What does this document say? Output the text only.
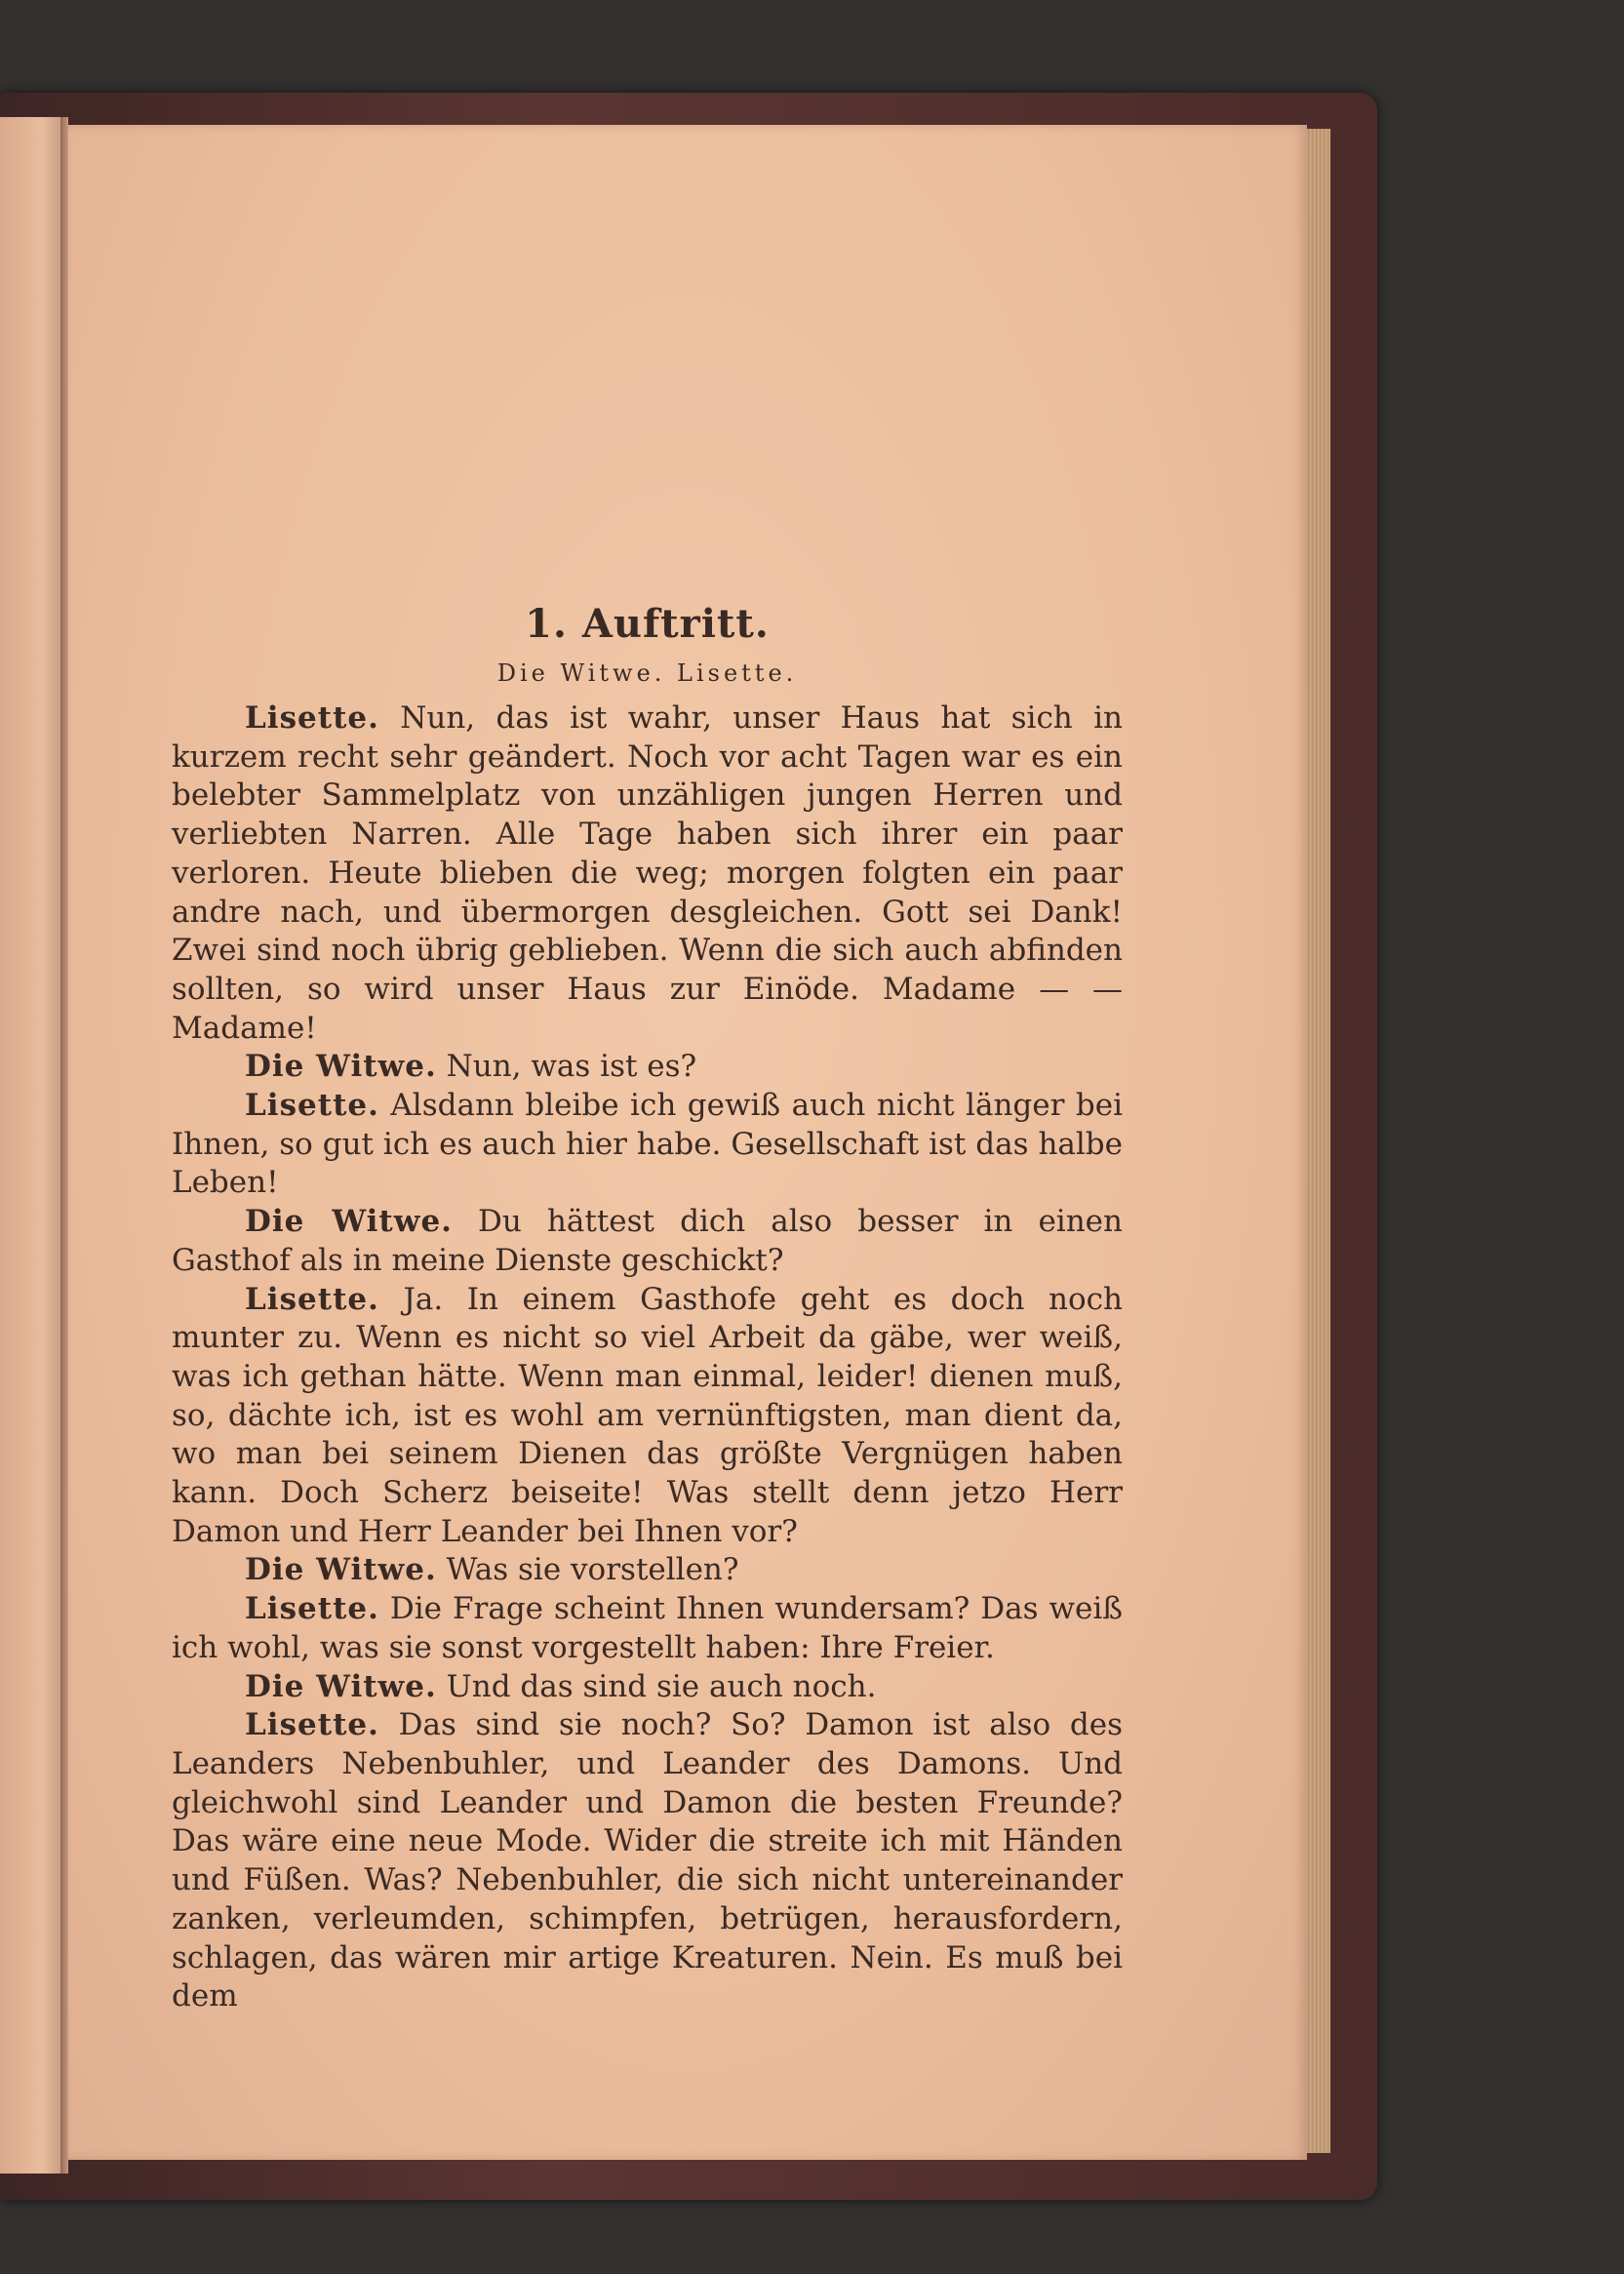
1. Auftritt.
Die Witwe. Lisette.

Lisette. Nun, das ist wahr, unser Haus hat sich in kurzem recht sehr geändert. Noch vor acht Tagen war es ein belebter Sammelplatz von unzähligen jungen Herren und verliebten Narren. Alle Tage haben sich ihrer ein paar verloren. Heute blieben die weg; morgen folgten ein paar andre nach, und übermorgen desgleichen. Gott sei Dank! Zwei sind noch übrig geblieben. Wenn die sich auch abfinden sollten, so wird unser Haus zur Einöde. Madame — — Madame!

Die Witwe. Nun, was ist es?

Lisette. Alsdann bleibe ich gewiß auch nicht länger bei Ihnen, so gut ich es auch hier habe. Gesellschaft ist das halbe Leben!

Die Witwe. Du hättest dich also besser in einen Gasthof als in meine Dienste geschickt?

Lisette. Ja. In einem Gasthofe geht es doch noch munter zu. Wenn es nicht so viel Arbeit da gäbe, wer weiß, was ich gethan hätte. Wenn man einmal, leider! dienen muß, so, dächte ich, ist es wohl am vernünftigsten, man dient da, wo man bei seinem Dienen das größte Vergnügen haben kann. Doch Scherz beiseite! Was stellt denn jetzo Herr Damon und Herr Leander bei Ihnen vor?

Die Witwe. Was sie vorstellen?

Lisette. Die Frage scheint Ihnen wundersam? Das weiß ich wohl, was sie sonst vorgestellt haben: Ihre Freier.

Die Witwe. Und das sind sie auch noch.

Lisette. Das sind sie noch? So? Damon ist also des Leanders Nebenbuhler, und Leander des Damons. Und gleichwohl sind Leander und Damon die besten Freunde? Das wäre eine neue Mode. Wider die streite ich mit Händen und Füßen. Was? Nebenbuhler, die sich nicht untereinander zanken, verleumden, schimpfen, betrügen, herausfordern, schlagen, das wären mir artige Kreaturen. Nein. Es muß bei dem
